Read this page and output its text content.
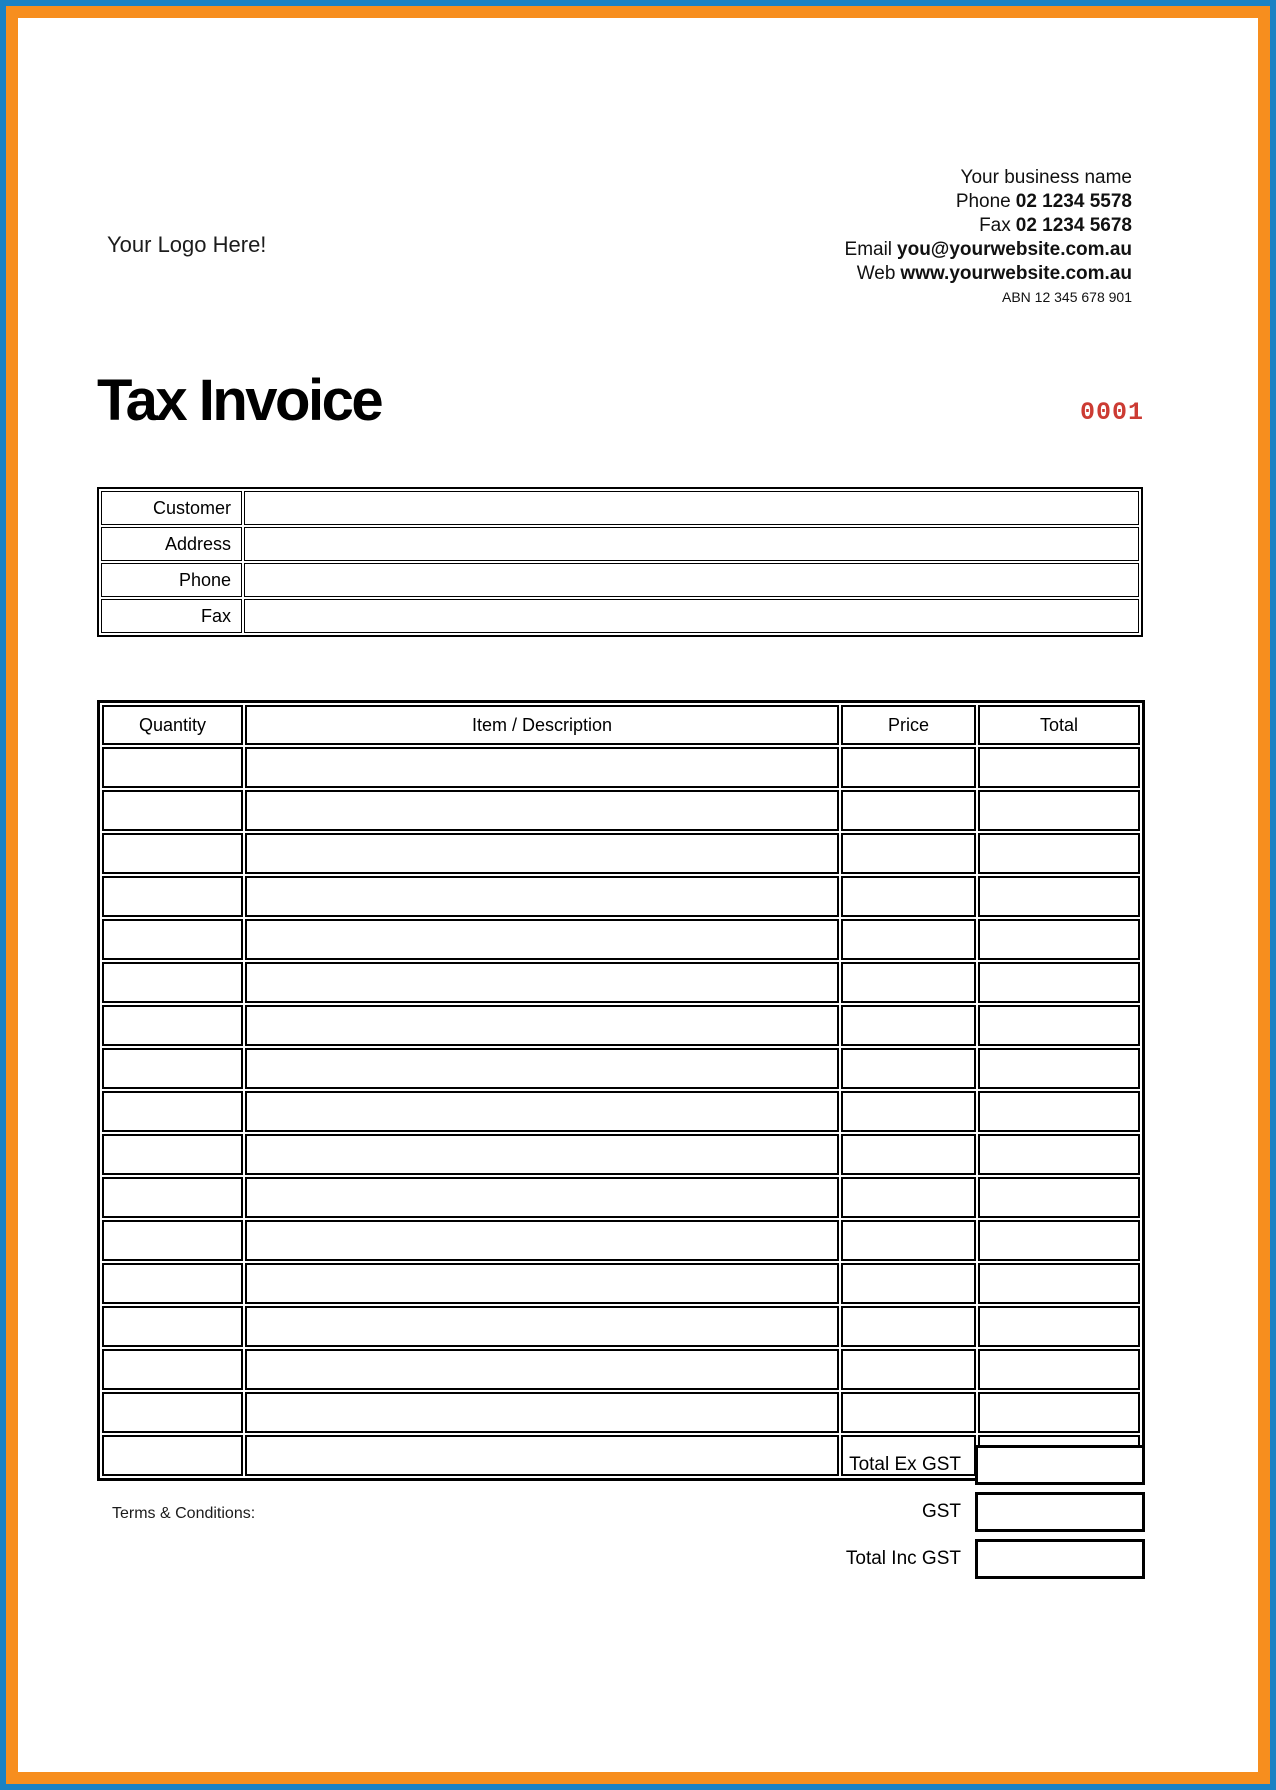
Your Logo Here!
Your business name
Phone 02 1234 5578
Fax 02 1234 5678
Email you@yourwebsite.com.au
Web www.yourwebsite.com.au
ABN 12 345 678 901
Tax Invoice	0001
Customer	
Address	
Phone	
Fax	
Quantity	Item / Description	Price	Total

Total Ex GST
GST
Total Inc GST
Terms & Conditions:
